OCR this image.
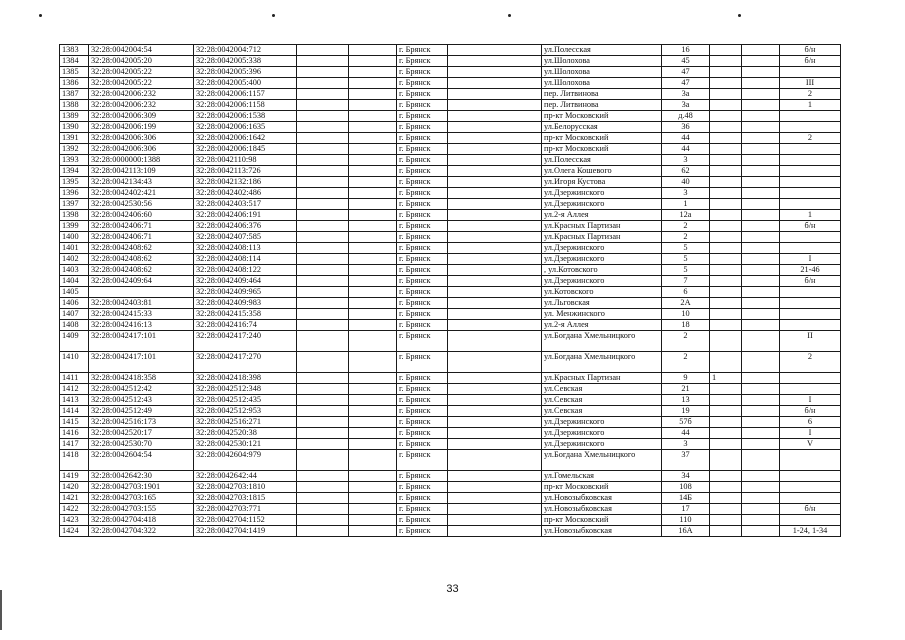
1383	32:28:0042004:54	32:28:0042004:712			г. Брянск		ул.Полесская	16			б/н
1384	32:28:0042005:20	32:28:0042005:338			г. Брянск		ул.Шолохова	45			б/н
1385	32:28:0042005:22	32:28:0042005:396			г. Брянск		ул.Шолохова	47			
1386	32:28:0042005:22	32:28:0042005:400			г. Брянск		ул.Шолохова	47			III
1387	32:28:0042006:232	32:28:0042006:1157			г. Брянск		пер. Литвинова	3а			2
1388	32:28:0042006:232	32:28:0042006:1158			г. Брянск		пер. Литвинова	3а			1
1389	32:28:0042006:309	32:28:0042006:1538			г. Брянск		пр-кт Московский	д.48			
1390	32:28:0042006:199	32:28:0042006:1635			г. Брянск		ул.Белорусская	36			
1391	32:28:0042006:306	32:28:0042006:1642			г. Брянск		пр-кт Московский	44			2
1392	32:28:0042006:306	32:28:0042006:1845			г. Брянск		пр-кт Московский	44			
1393	32:28:0000000:1388	32:28:0042110:98			г. Брянск		ул.Полесская	3			
1394	32:28:0042113:109	32:28:0042113:726			г. Брянск		ул.Олега Кошевого	62			
1395	32:28:0042134:43	32:28:0042132:186			г. Брянск		ул.Игоря Кустова	40			
1396	32:28:0042402:421	32:28:0042402:486			г. Брянск		ул.Дзержинского	3			
1397	32:28:0042530:56	32:28:0042403:517			г. Брянск		ул.Дзержинского	1			
1398	32:28:0042406:60	32:28:0042406:191			г. Брянск		ул.2-я Аллея	12а			1
1399	32:28:0042406:71	32:28:0042406:376			г. Брянск		ул.Красных Партизан	2			б/н
1400	32:28:0042406:71	32:28:0042407:585			г. Брянск		ул.Красных Партизан	2			
1401	32:28:0042408:62	32:28:0042408:113			г. Брянск		ул.Дзержинского	5			
1402	32:28:0042408:62	32:28:0042408:114			г. Брянск		ул.Дзержинского	5			I
1403	32:28:0042408:62	32:28:0042408:122			г. Брянск		, ул.Котовского	5			21-46
1404	32:28:0042409:64	32:28:0042409:464			г. Брянск		ул.Дзержинского	7			б/н
1405		32:28:0042409:965			г. Брянск		ул.Котовского	6			
1406	32:28:0042403:81	32:28:0042409:983			г. Брянск		ул.Льговская	2А			
1407	32:28:0042415:33	32:28:0042415:358			г. Брянск		ул. Менжинского	10			
1408	32:28:0042416:13	32:28:0042416:74			г. Брянск		ул.2-я Аллея	18			
1409	32:28:0042417:101	32:28:0042417:240			г. Брянск		ул.Богдана Хмельницкого	2			II
1410	32:28:0042417:101	32:28:0042417:270			г. Брянск		ул.Богдана Хмельницкого	2			2
1411	32:28:0042418:358	32:28:0042418:398			г. Брянск		ул.Красных Партизан	9	1		
1412	32:28:0042512:42	32:28:0042512:348			г. Брянск		ул.Севская	21			
1413	32:28:0042512:43	32:28:0042512:435			г. Брянск		ул.Севская	13			I
1414	32:28:0042512:49	32:28:0042512:953			г. Брянск		ул.Севская	19			б/н
1415	32:28:0042516:173	32:28:0042516:271			г. Брянск		ул.Дзержинского	57б			6
1416	32:28:0042520:17	32:28:0042520:38			г. Брянск		ул.Дзержинского	44			I
1417	32:28:0042530:70	32:28:0042530:121			г. Брянск		ул.Дзержинского	3			V
1418	32:28:0042604:54	32:28:0042604:979			г. Брянск		ул.Богдана Хмельницкого	37			
1419	32:28:0042642:30	32:28:0042642:44			г. Брянск		ул.Гомельская	34			
1420	32:28:0042703:1901	32:28:0042703:1810			г. Брянск		пр-кт Московский	108			
1421	32:28:0042703:165	32:28:0042703:1815			г. Брянск		ул.Новозыбковская	14Б			
1422	32:28:0042703:155	32:28:0042703:771			г. Брянск		ул.Новозыбковская	17			б/н
1423	32:28:0042704:418	32:28:0042704:1152			г. Брянск		пр-кт Московский	110			
1424	32:28:0042704:322	32:28:0042704:1419			г. Брянск		ул.Новозыбковская	16А			1-24, 1-34
33
